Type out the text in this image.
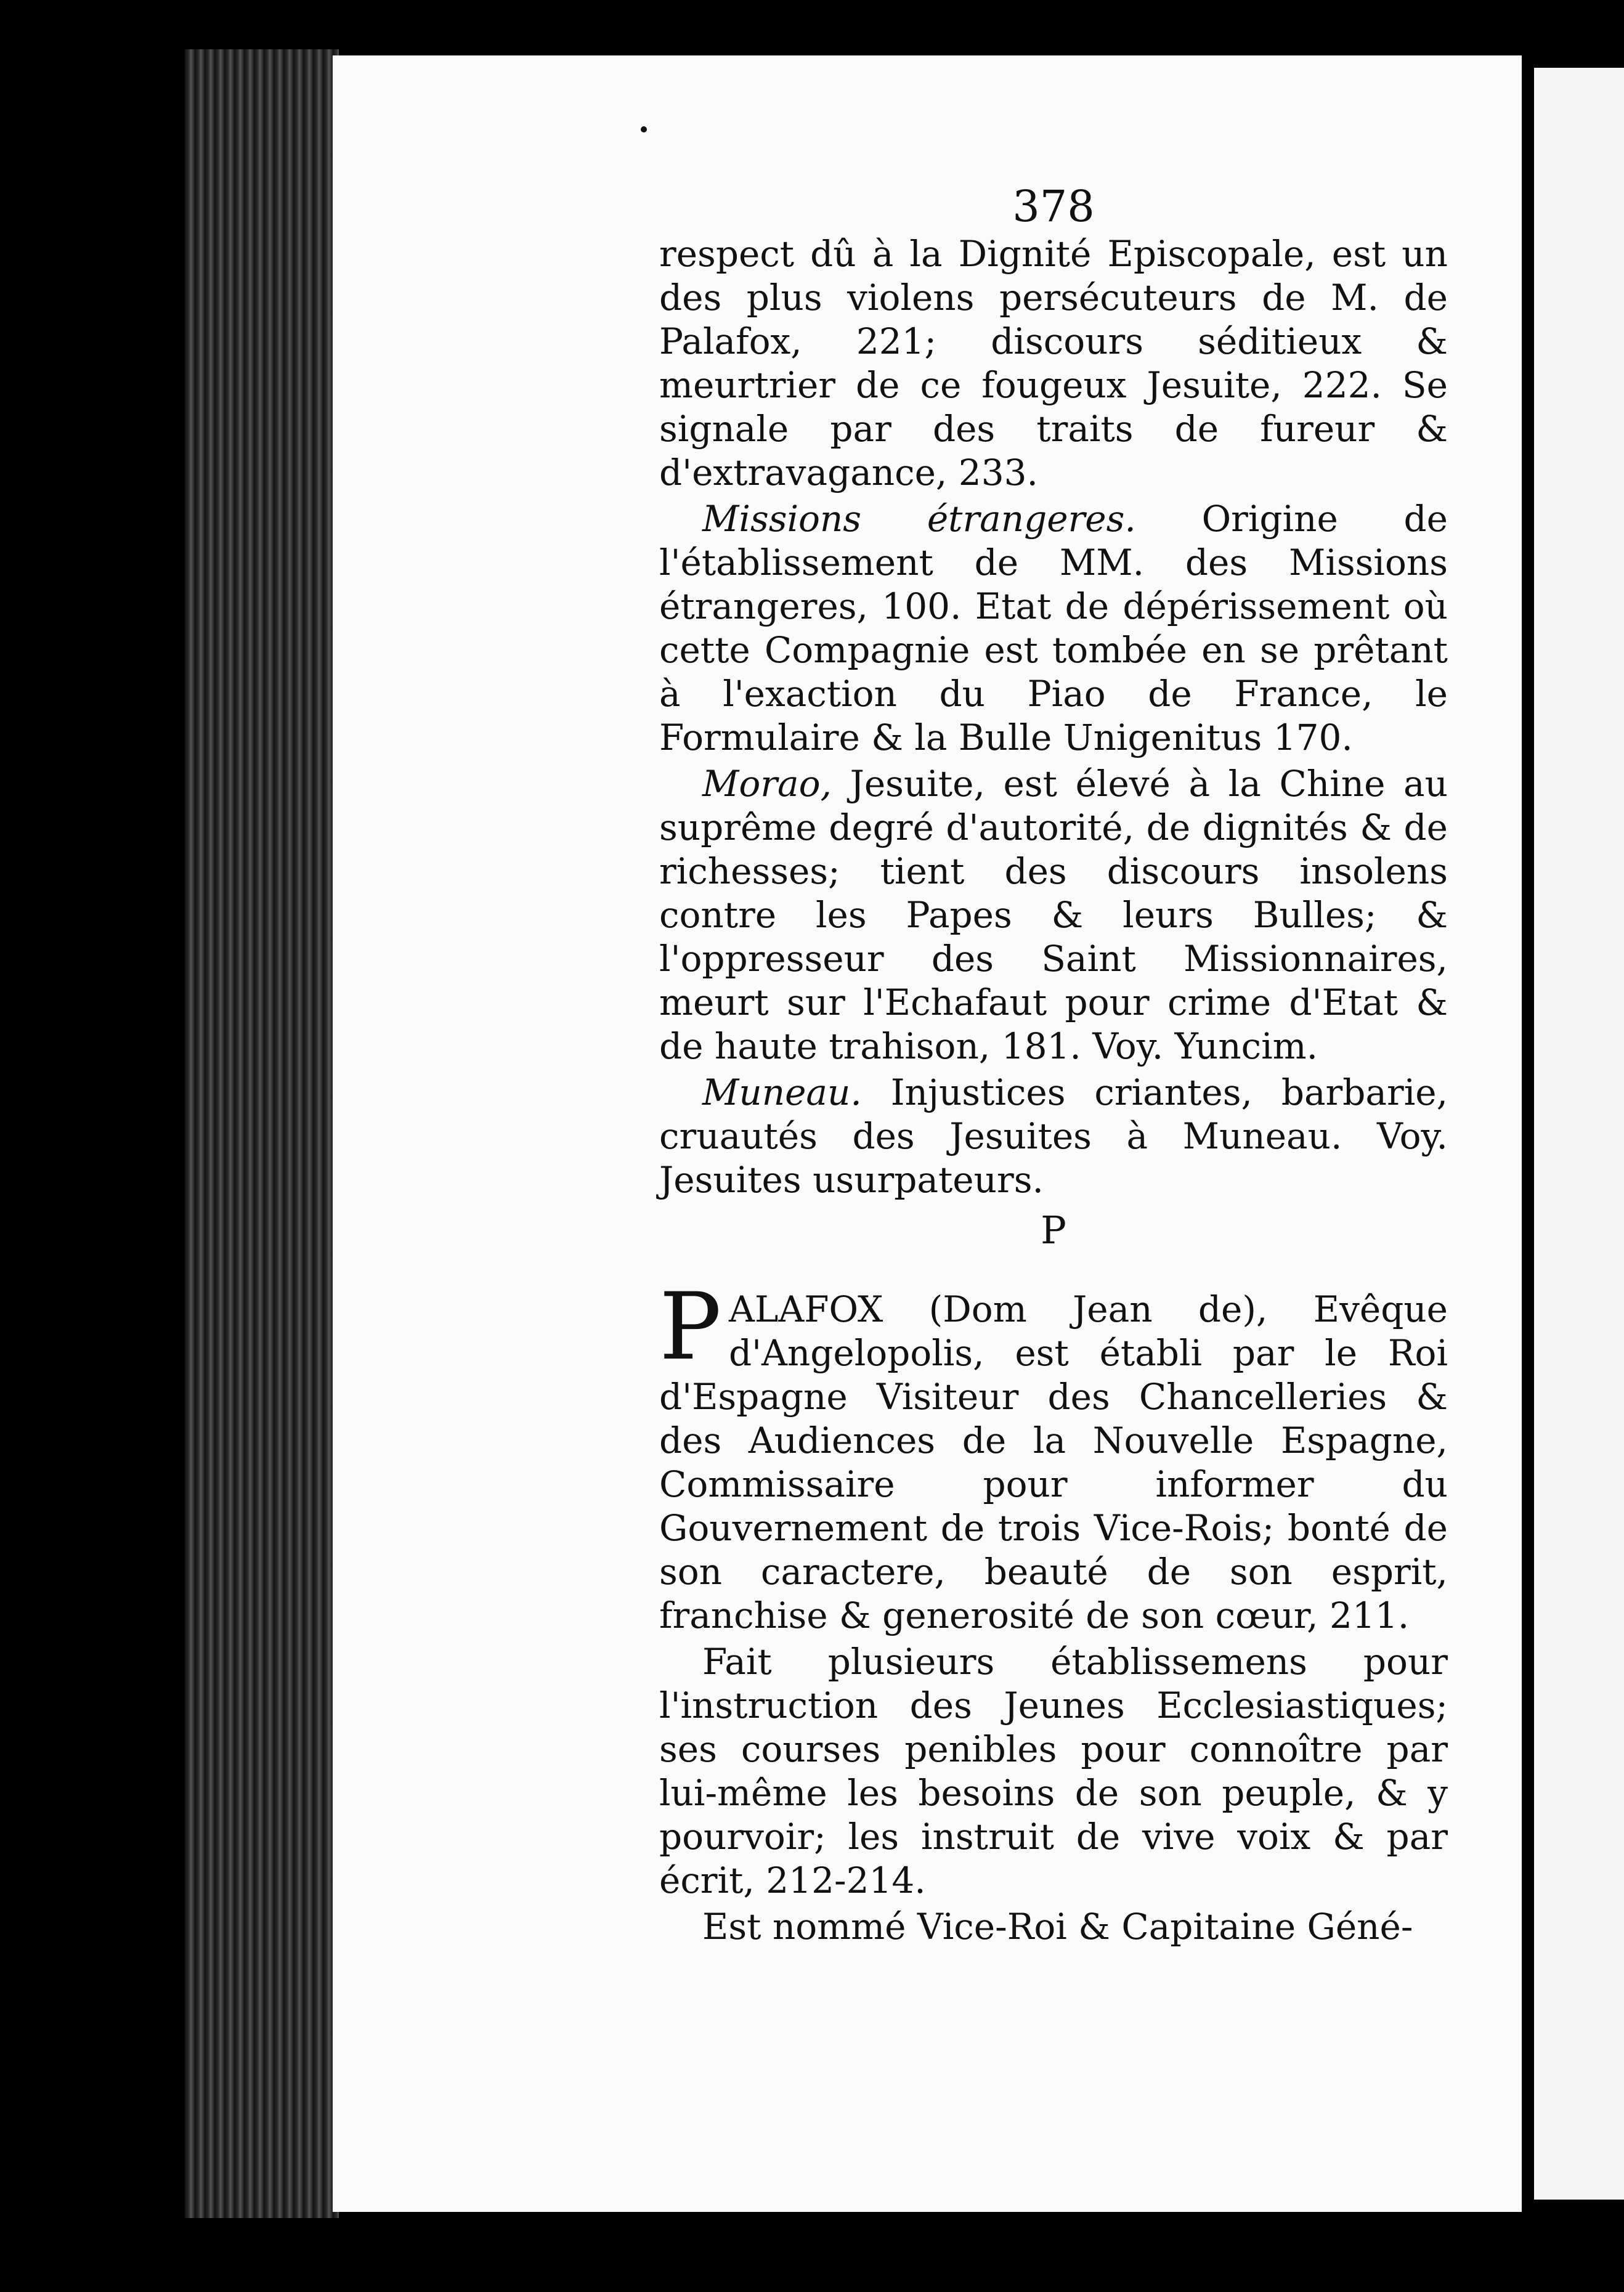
378

respect dû à la Dignité Episcopale, est un des plus violens persécuteurs de M. de Palafox, 221; discours séditieux & meurtrier de ce fougeux Jesuite, 222. Se signale par des traits de fureur & d'extravagance, 233.

Missions étrangeres. Origine de l'établissement de MM. des Missions étrangeres, 100. Etat de dépérissement où cette Compagnie est tombée en se prêtant à l'exaction du Piao de France, le Formulaire & la Bulle Unigenitus 170.

Morao, Jesuite, est élevé à la Chine au suprême degré d'autorité, de dignités & de richesses; tient des discours insolens contre les Papes & leurs Bulles; & l'oppresseur des Saint Missionnaires, meurt sur l'Echafaut pour crime d'Etat & de haute trahison, 181. Voy. Yuncim.

Muneau. Injustices criantes, barbarie, cruautés des Jesuites à Muneau. Voy. Jesuites usurpateurs.

P

PALAFOX (Dom Jean de), Evêque d'Angelopolis, est établi par le Roi d'Espagne Visiteur des Chancelleries & des Audiences de la Nouvelle Espagne, Commissaire pour informer du Gouvernement de trois Vice-Rois; bonté de son caractere, beauté de son esprit, franchise & generosité de son cœur, 211.

Fait plusieurs établissemens pour l'instruction des Jeunes Ecclesiastiques; ses courses penibles pour connoître par lui-même les besoins de son peuple, & y pourvoir; les instruit de vive voix & par écrit, 212-214.

Est nommé Vice-Roi & Capitaine Géné-
